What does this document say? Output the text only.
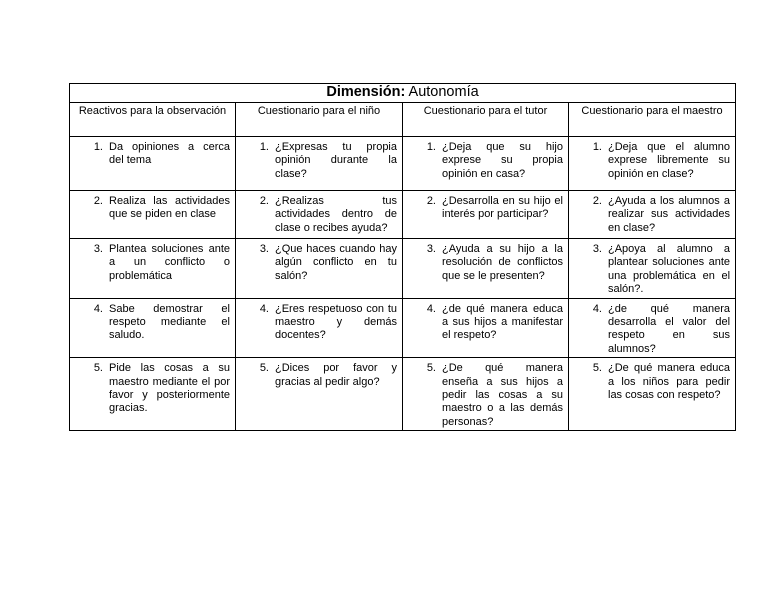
Dimensión: Autonomía			
Reactivos para la observación	Cuestionario para el niño	Cuestionario para el tutor	Cuestionario para el maestro

1. Da opiniones a cerca del tema	1. ¿Expresas tu propia opinión durante la clase?	1. ¿Deja que su hijo exprese su propia opinión en casa?	1. ¿Deja que el alumno exprese libremente su opinión en clase?

2. Realiza las actividades que se piden en clase	2. ¿Realizas tus actividades dentro de clase o recibes ayuda?	2. ¿Desarrolla en su hijo el interés por participar?	2. ¿Ayuda a los alumnos a realizar sus actividades en clase?

3. Plantea soluciones ante a un conflicto o problemática	3. ¿Que haces cuando hay algún conflicto en tu salón?	3. ¿Ayuda a su hijo a la resolución de conflictos que se le presenten?	3. ¿Apoya al alumno a plantear soluciones ante una problemática en el salón?.

4. Sabe demostrar el respeto mediante el saludo.	4. ¿Eres respetuoso con tu maestro y demás docentes?	4. ¿de qué manera educa a sus hijos a manifestar el respeto?	4. ¿de qué manera desarrolla el valor del respeto en sus alumnos?

5. Pide las cosas a su maestro mediante el por favor y posteriormente gracias.	5. ¿Dices por favor y gracias al pedir algo?	5. ¿De qué manera enseña a sus hijos a pedir las cosas a su maestro o a las demás personas?	5. ¿De qué manera educa a los niños para pedir las cosas con respeto?
